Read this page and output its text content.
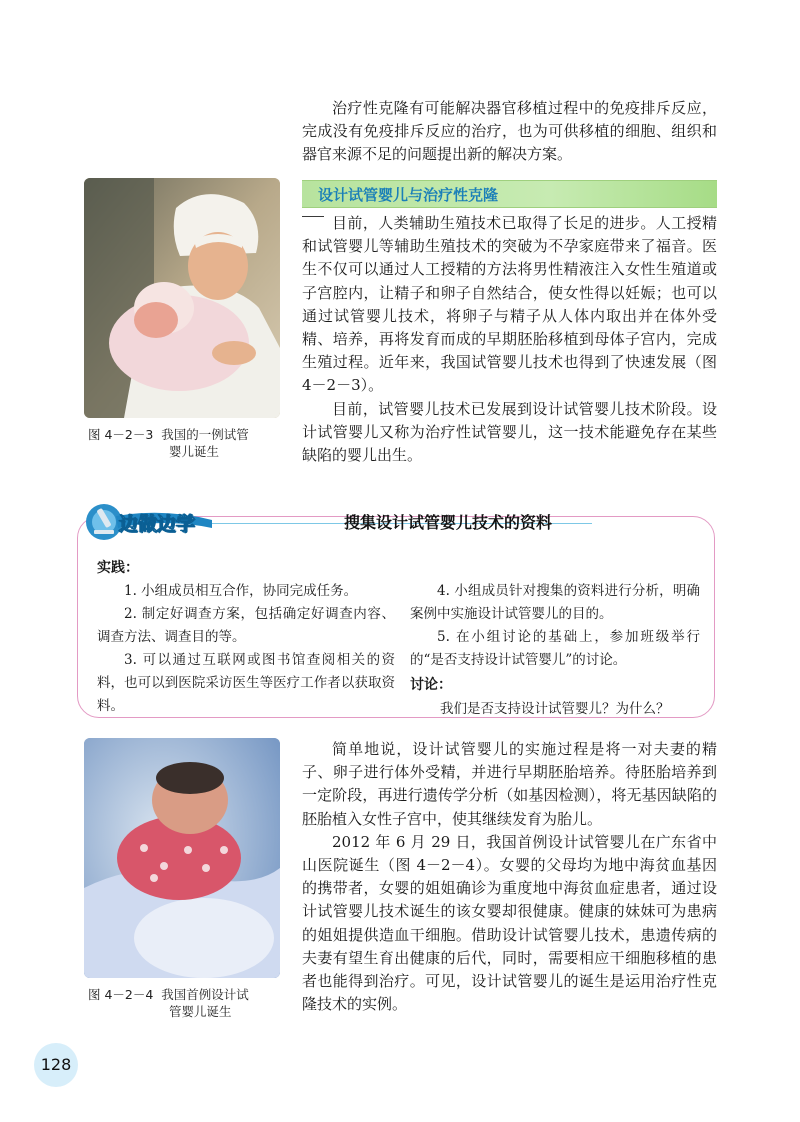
治疗性克隆有可能解决器官移植过程中的免疫排斥反应，完成没有免疫排斥反应的治疗，也为可供移植的细胞、组织和器官来源不足的问题提出新的解决方案。

图 4－2－3 我国的一例试管
婴儿诞生
设计试管婴儿与治疗性克隆

目前，人类辅助生殖技术已取得了长足的进步。人工授精和试管婴儿等辅助生殖技术的突破为不孕家庭带来了福音。医生不仅可以通过人工授精的方法将男性精液注入女性生殖道或子宫腔内，让精子和卵子自然结合，使女性得以妊娠；也可以通过试管婴儿技术，将卵子与精子从人体内取出并在体外受精、培养，再将发育而成的早期胚胎移植到母体子宫内，完成生殖过程。近年来，我国试管婴儿技术也得到了快速发展（图 4－2－3）。

目前，试管婴儿技术已发展到设计试管婴儿技术阶段。设计试管婴儿又称为治疗性试管婴儿，这一技术能避免存在某些缺陷的婴儿出生。

边做边学	搜集设计试管婴儿技术的资料
实践：

1. 小组成员相互合作，协同完成任务。

2. 制定好调查方案，包括确定好调查内容、调查方法、调查目的等。

3. 可以通过互联网或图书馆查阅相关的资料，也可以到医院采访医生等医疗工作者以获取资料。

4. 小组成员针对搜集的资料进行分析，明确案例中实施设计试管婴儿的目的。

5. 在小组讨论的基础上，参加班级举行的“是否支持设计试管婴儿”的讨论。

讨论：
我们是否支持设计试管婴儿？为什么？
图 4－2－4 我国首例设计试
管婴儿诞生

简单地说，设计试管婴儿的实施过程是将一对夫妻的精子、卵子进行体外受精，并进行早期胚胎培养。待胚胎培养到一定阶段，再进行遗传学分析（如基因检测），将无基因缺陷的胚胎植入女性子宫中，使其继续发育为胎儿。

2012 年 6 月 29 日，我国首例设计试管婴儿在广东省中山医院诞生（图 4－2－4）。女婴的父母均为地中海贫血基因的携带者，女婴的姐姐确诊为重度地中海贫血症患者，通过设计试管婴儿技术诞生的该女婴却很健康。健康的妹妹可为患病的姐姐提供造血干细胞。借助设计试管婴儿技术，患遗传病的夫妻有望生育出健康的后代，同时，需要相应干细胞移植的患者也能得到治疗。可见，设计试管婴儿的诞生是运用治疗性克隆技术的实例。

128
